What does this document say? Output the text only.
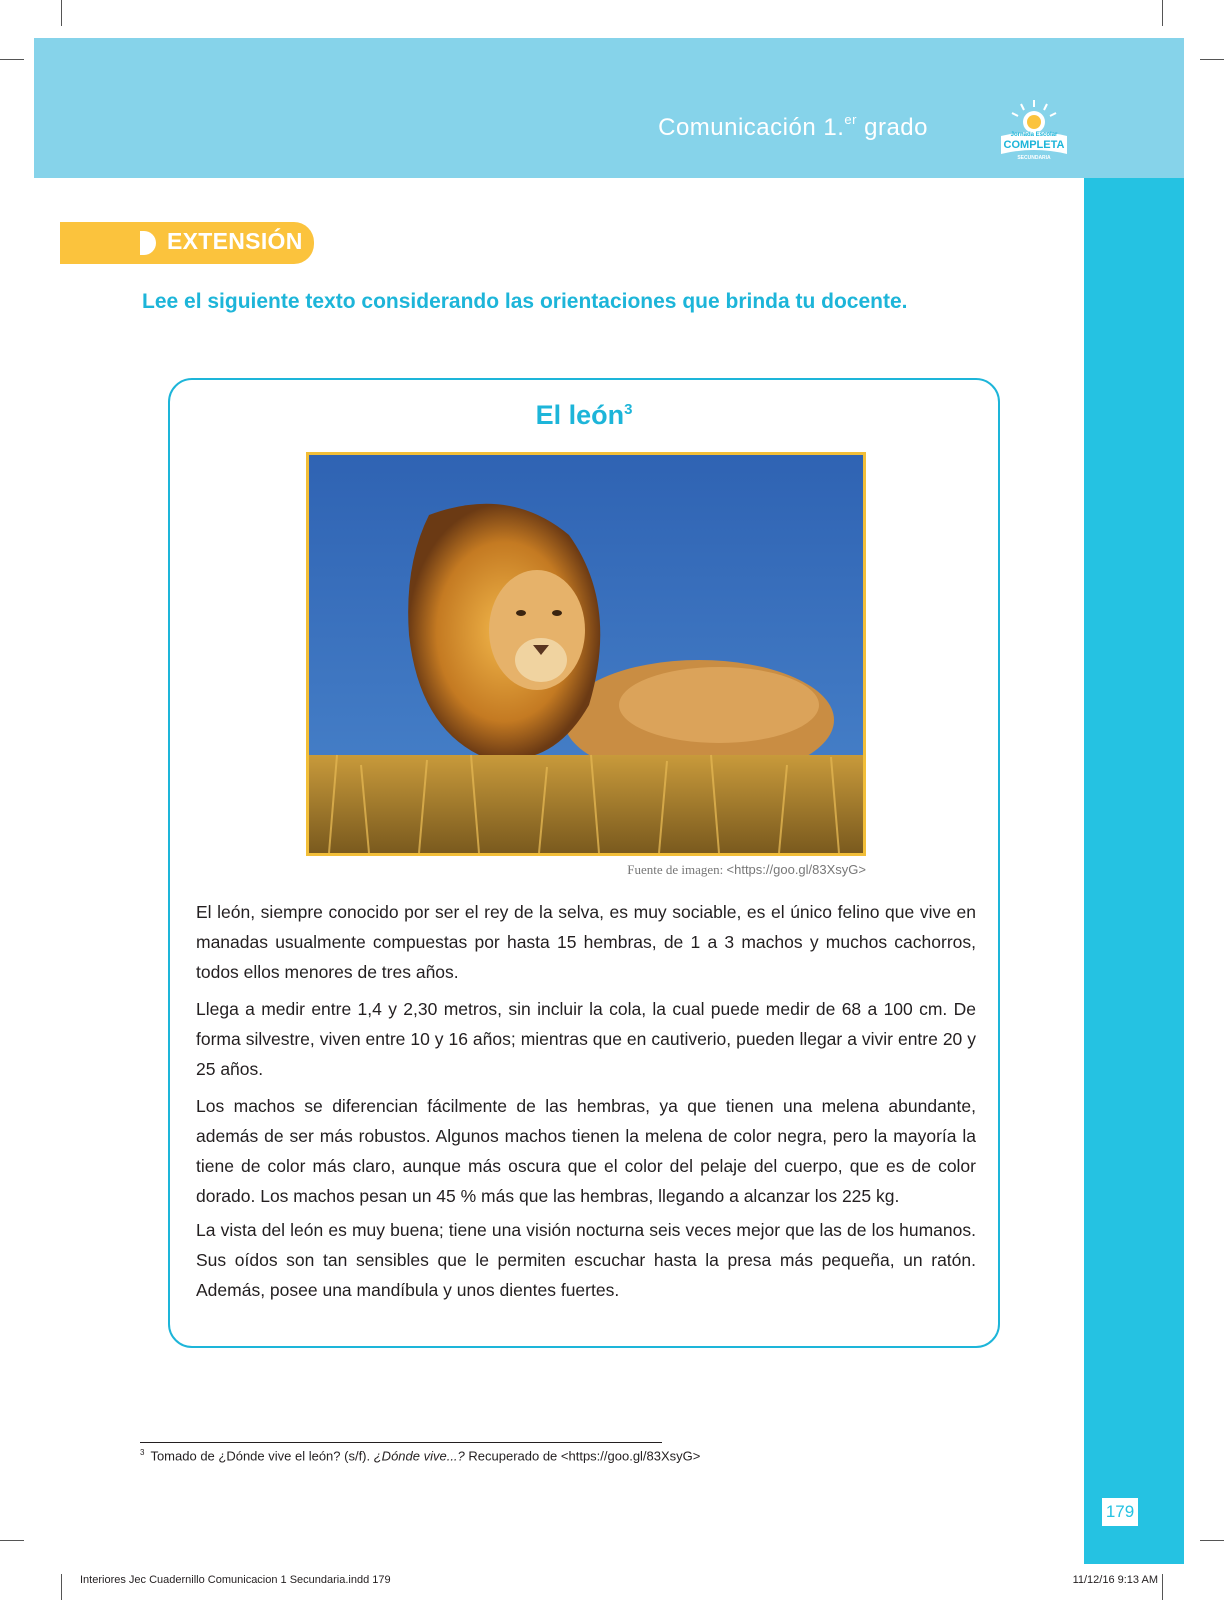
Comunicación 1.$^{er}$ grado	Jornada Escolar
COMPLETA
SECUNDARIA
EXTENSIÓN
Lee el siguiente texto considerando las orientaciones que brinda tu docente.
El león$^3$
Fuente de imagen: <https://goo.gl/83XsyG>
El león, siempre conocido por ser el rey de la selva, es muy sociable, es el único felino que vive en manadas usualmente compuestas por hasta 15 hembras, de 1 a 3 machos y muchos cachorros, todos ellos menores de tres años.
Llega a medir entre 1,4 y 2,30 metros, sin incluir la cola, la cual puede medir de 68 a 100 cm. De forma silvestre, viven entre 10 y 16 años; mientras que en cautiverio, pueden llegar a vivir entre 20 y 25 años.
Los machos se diferencian fácilmente de las hembras, ya que tienen una melena abundante, además de ser más robustos. Algunos machos tienen la melena de color negra, pero la mayoría la tiene de color más claro, aunque más oscura que el color del pelaje del cuerpo, que es de color dorado. Los machos pesan un 45 % más que las hembras, llegando a alcanzar los 225 kg.
La vista del león es muy buena; tiene una visión nocturna seis veces mejor que las de los humanos. Sus oídos son tan sensibles que le permiten escuchar hasta la presa más pequeña, un ratón. Además, posee una mandíbula y unos dientes fuertes.
$^3$ Tomado de ¿Dónde vive el león? (s/f). ¿Dónde vive...? Recuperado de <https://goo.gl/83XsyG>
179
Interiores Jec Cuadernillo Comunicacion 1 Secundaria.indd 179	11/12/16 9:13 AM
